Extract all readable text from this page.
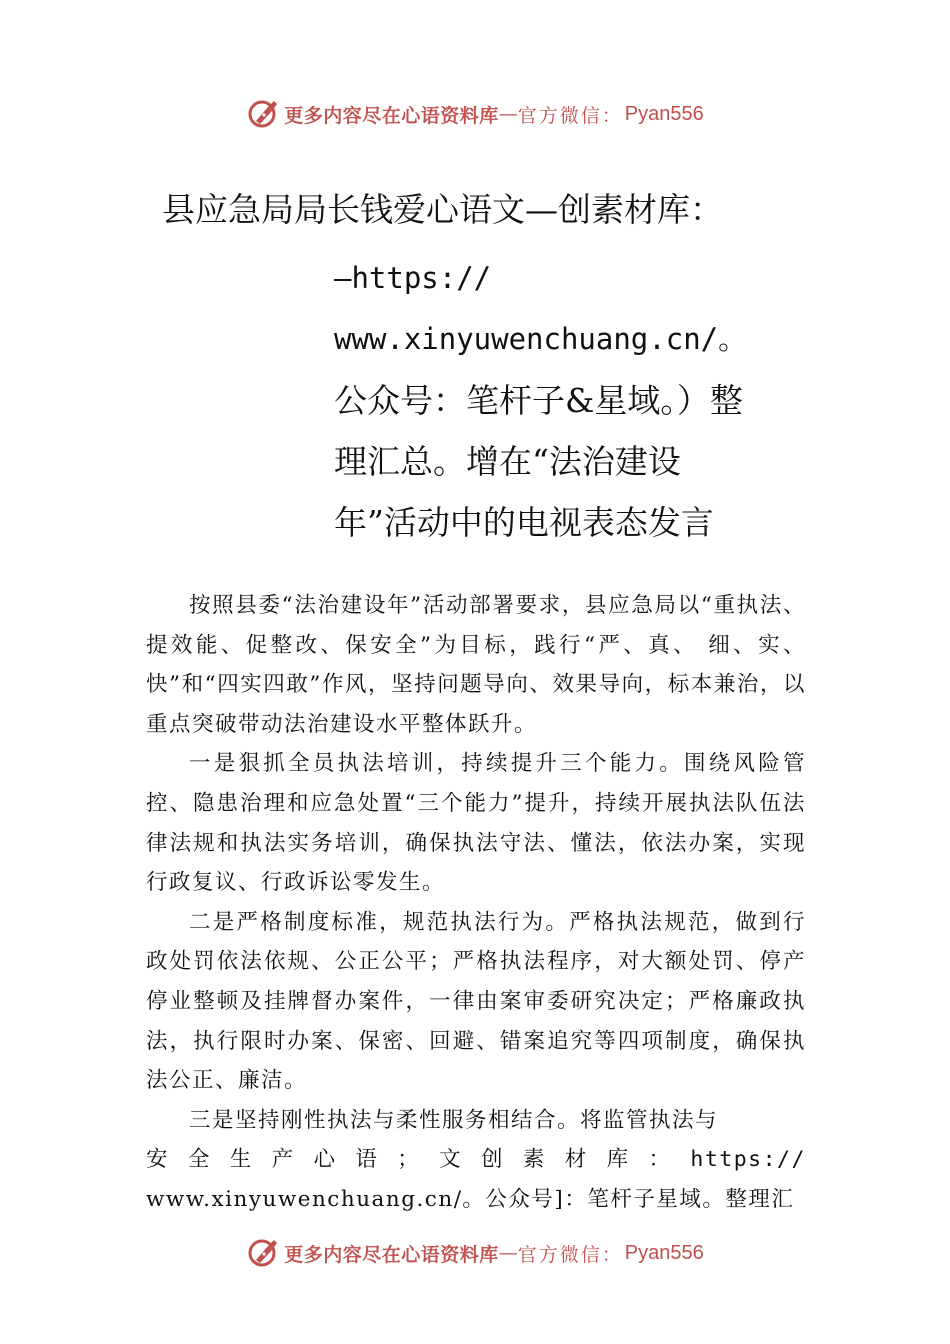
更多内容尽在心语资料库 — 官方微信： Pyan556
县应急局局长钱爱心语文—创素材库：
—https://
www.xinyuwenchuang.cn/。
公众号：笔杆子&星域。）整
理汇总。增在“法治建设
年”活动中的电视表态发言

按照县委“法治建设年”活动部署要求，县应急局以“重执法、提效能、促整改、保安全”为目标，践行“严、真、 细、实、快”和“四实四敢”作风，坚持问题导向、效果导向，标本兼治，以重点突破带动法治建设水平整体跃升。

一是狠抓全员执法培训，持续提升三个能力。围绕风险管控、隐患治理和应急处置“三个能力”提升，持续开展执法队伍法律法规和执法实务培训，确保执法守法、懂法，依法办案，实现行政复议、行政诉讼零发生。

二是严格制度标准，规范执法行为。严格执法规范，做到行政处罚依法依规、公正公平；严格执法程序，对大额处罚、停产停业整顿及挂牌督办案件，一律由案审委研究决定；严格廉政执法，执行限时办案、保密、回避、错案追究等四项制度，确保执法公正、廉洁。

三是坚持刚性执法与柔性服务相结合。将监管执法与

安 全 生 产 心 语 ； 文 创 素 材 库 ： https://
www.xinyuwenchuang.cn/。公众号]：笔杆子星域。整理汇
更多内容尽在心语资料库 — 官方微信： Pyan556
